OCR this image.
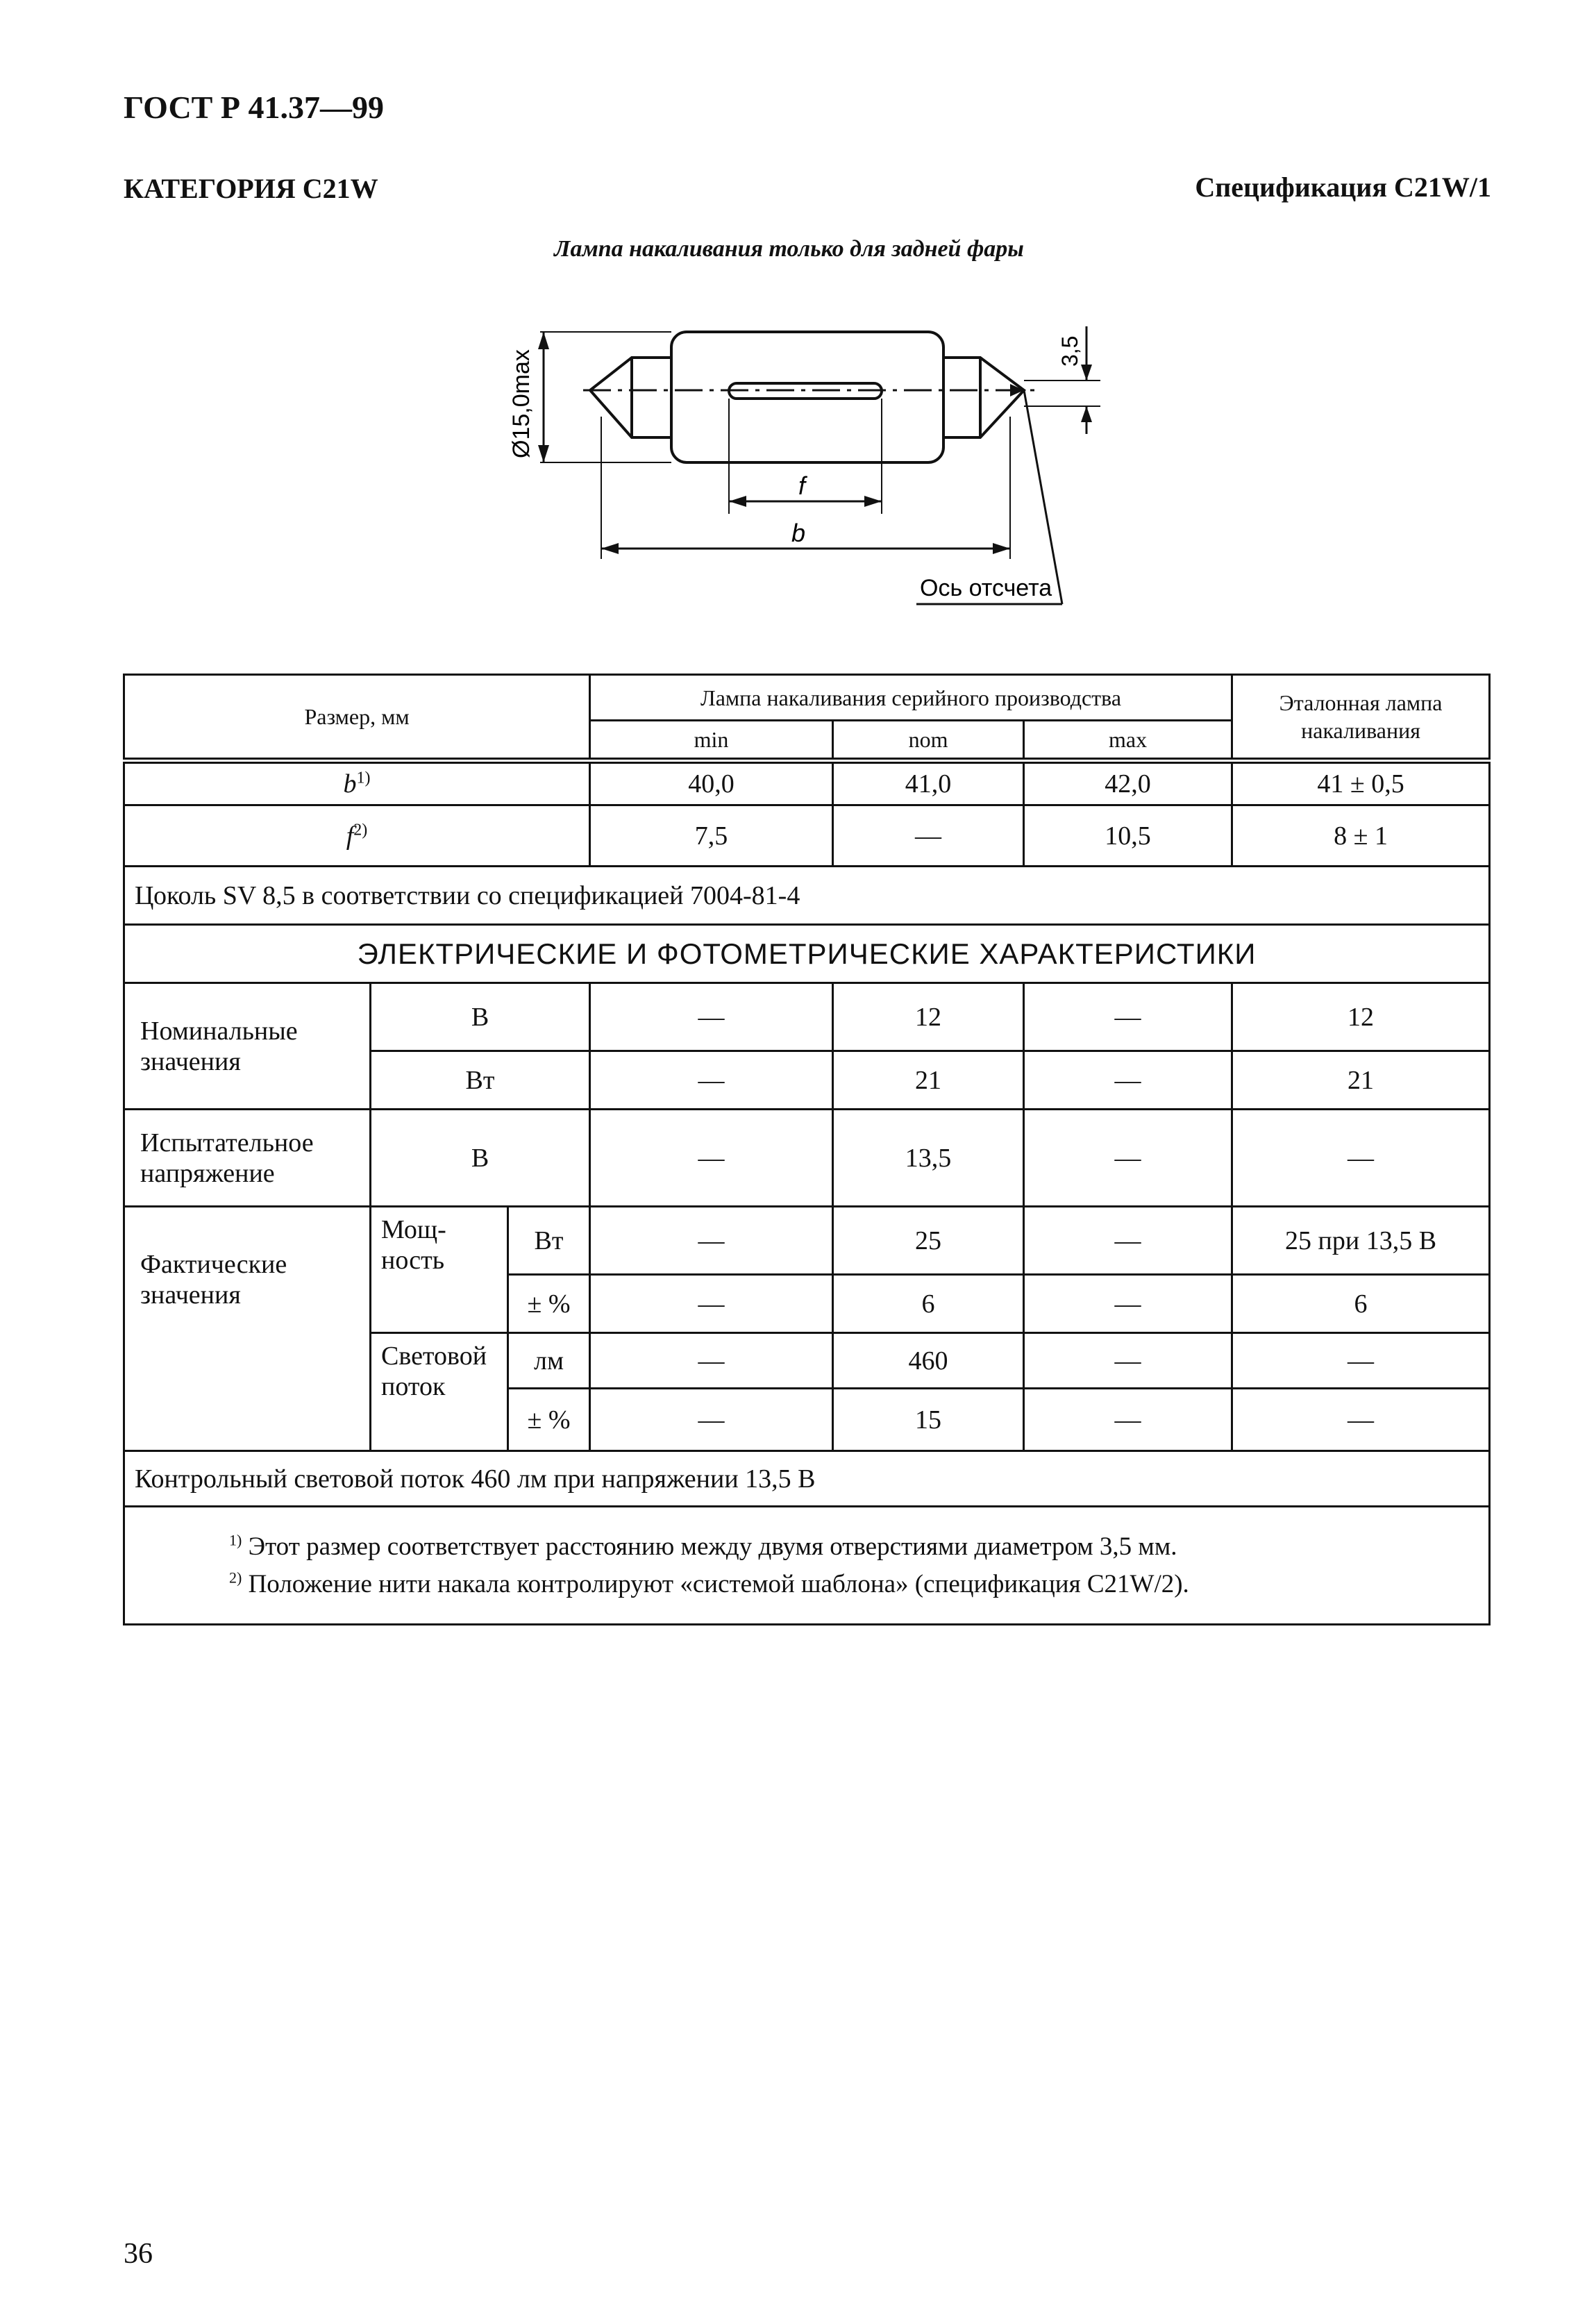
ГОСТ Р 41.37—99
КАТЕГОРИЯ C21W	Спецификация C21W/1
Лампа накаливания только для задней фары
Ø15,0max	3,5
f
b
Ось отсчета
Размер, мм			Лампа накаливания серийного производства			Эталонная лампа накаливания
			min	nom	max	
$b^{1)}$			40,0	41,0	42,0	41 ± 0,5
$f^{2)}$			7,5	—	10,5	8 ± 1
Цоколь SV 8,5 в соответствии со спецификацией 7004-81-4						
ЭЛЕКТРИЧЕСКИЕ И ФОТОМЕТРИЧЕСКИЕ ХАРАКТЕРИСТИКИ						
Номинальные значения	В		—	12	—	12
	Вт		—	21	—	21
Испытательное напряжение	В		—	13,5	—	—
Фактические значения	Мощ-ность	Вт	—	25	—	25 при 13,5 В
		± %	—	6	—	6
	Световой поток	лм	—	460	—	—
		± %	—	15	—	—
Контрольный световой поток 460 лм при напряжении 13,5 В						

$^{1)}$ Этот размер соответствует расстоянию между двумя отверстиями диаметром 3,5 мм.
$^{2)}$ Положение нити накала контролируют «системой шаблона» (спецификация C21W/2).						
36
